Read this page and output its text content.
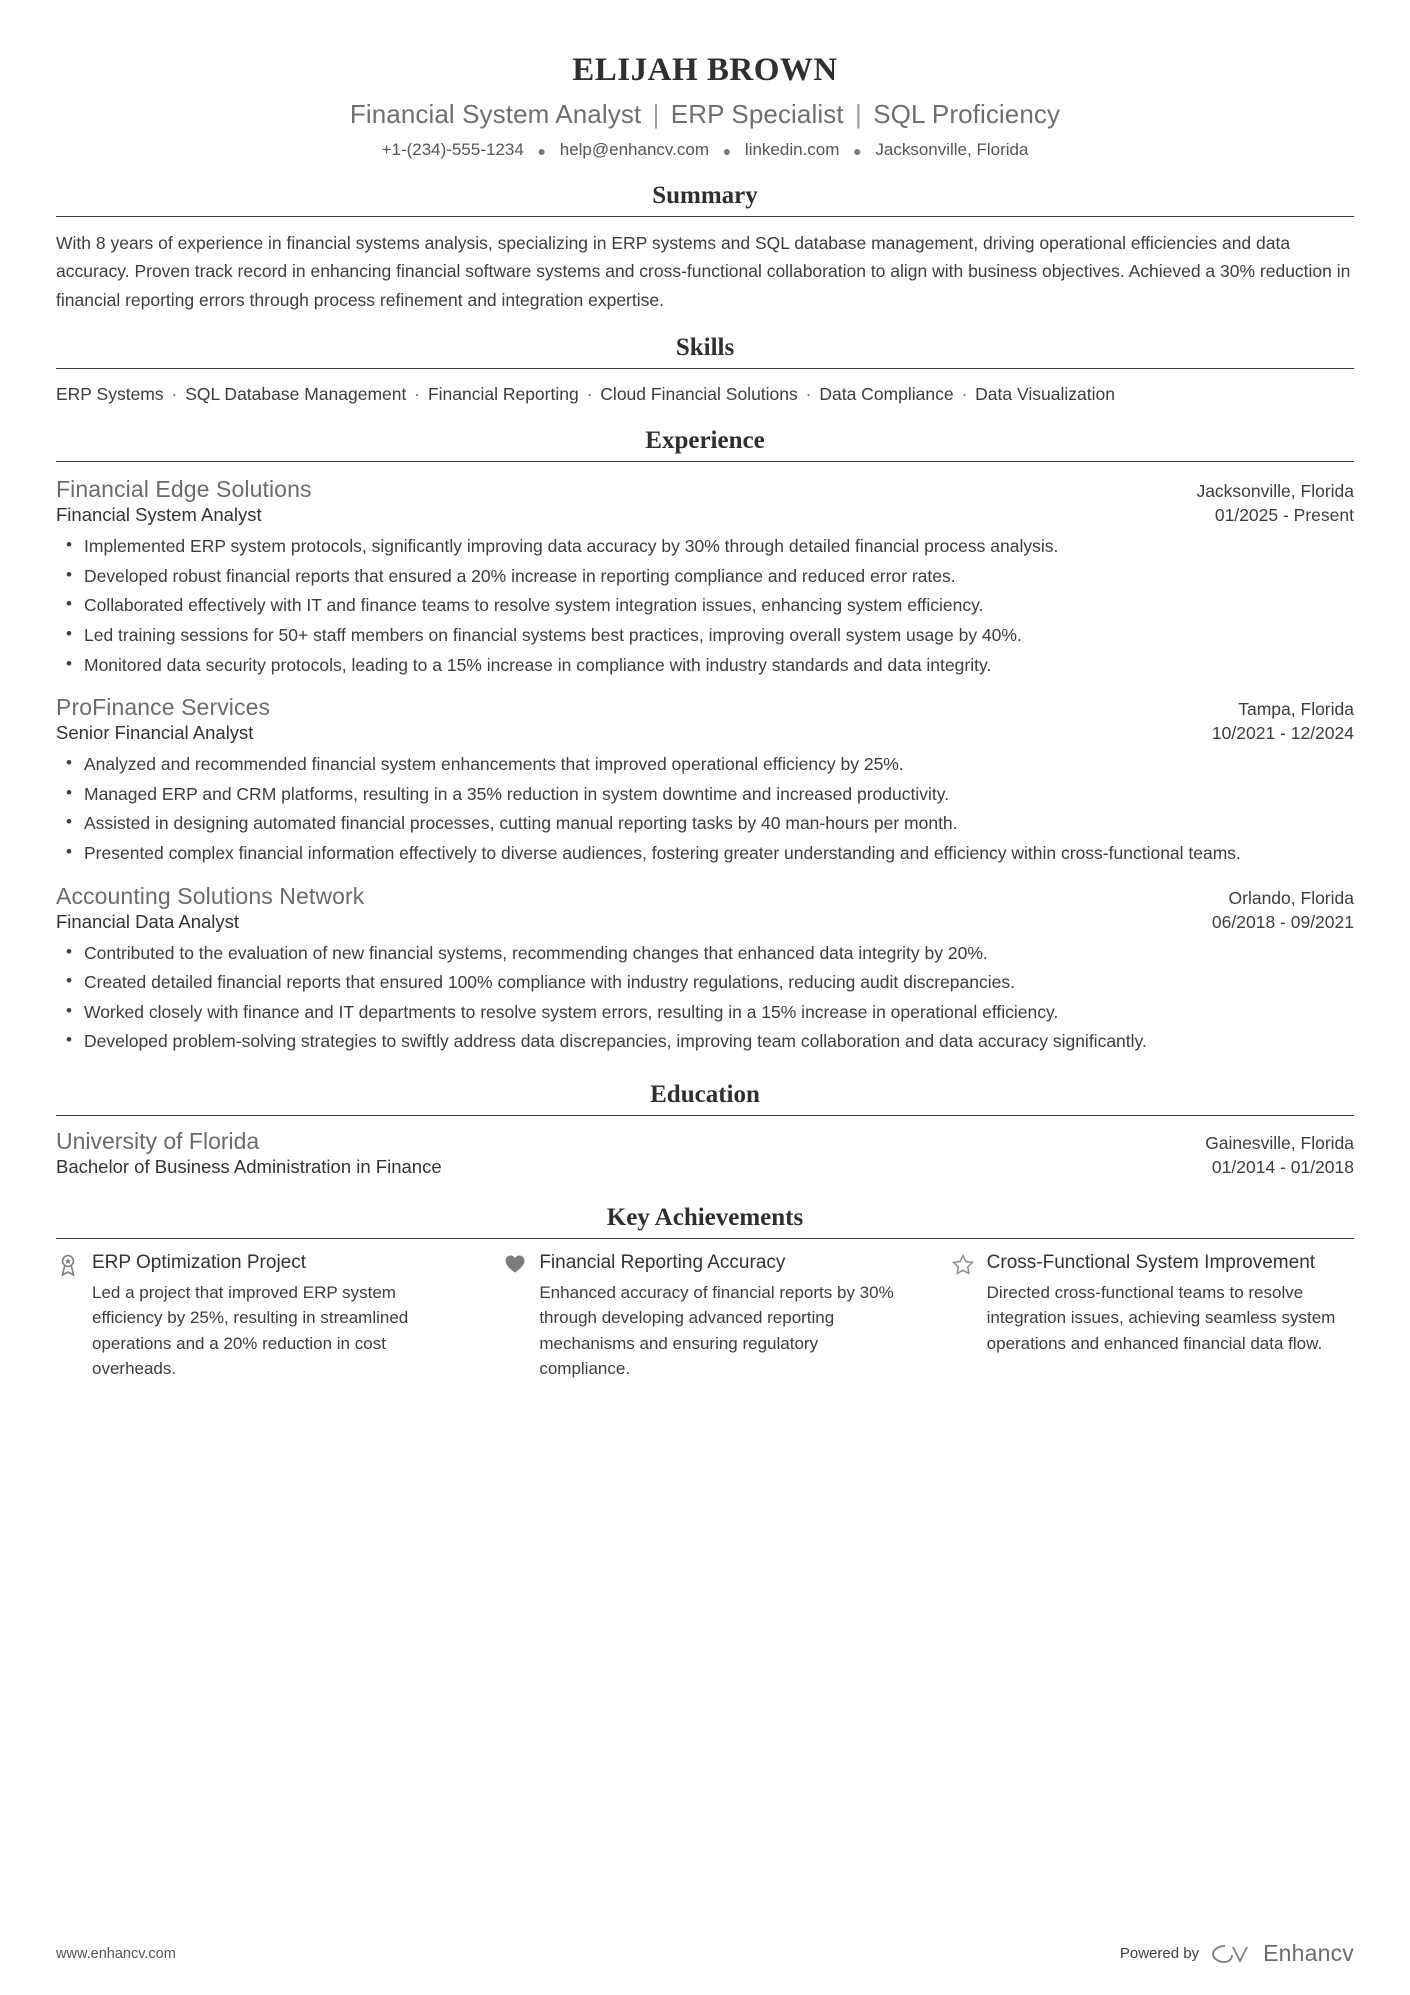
ELIJAH BROWN
Financial System Analyst | ERP Specialist | SQL Proficiency
+1-(234)-555-1234 ● help@enhancv.com ● linkedin.com ● Jacksonville, Florida
Summary
With 8 years of experience in financial systems analysis, specializing in ERP systems and SQL database management, driving operational efficiencies and data accuracy. Proven track record in enhancing financial software systems and cross-functional collaboration to align with business objectives. Achieved a 30% reduction in financial reporting errors through process refinement and integration expertise.
Skills
ERP Systems · SQL Database Management · Financial Reporting · Cloud Financial Solutions · Data Compliance · Data Visualization
Experience
Financial Edge Solutions	Jacksonville, Florida
Financial System Analyst	01/2025 - Present
• Implemented ERP system protocols, significantly improving data accuracy by 30% through detailed financial process analysis.
• Developed robust financial reports that ensured a 20% increase in reporting compliance and reduced error rates.
• Collaborated effectively with IT and finance teams to resolve system integration issues, enhancing system efficiency.
• Led training sessions for 50+ staff members on financial systems best practices, improving overall system usage by 40%.
• Monitored data security protocols, leading to a 15% increase in compliance with industry standards and data integrity.
ProFinance Services	Tampa, Florida
Senior Financial Analyst	10/2021 - 12/2024
• Analyzed and recommended financial system enhancements that improved operational efficiency by 25%.
• Managed ERP and CRM platforms, resulting in a 35% reduction in system downtime and increased productivity.
• Assisted in designing automated financial processes, cutting manual reporting tasks by 40 man-hours per month.
• Presented complex financial information effectively to diverse audiences, fostering greater understanding and efficiency within cross-functional teams.
Accounting Solutions Network	Orlando, Florida
Financial Data Analyst	06/2018 - 09/2021
• Contributed to the evaluation of new financial systems, recommending changes that enhanced data integrity by 20%.
• Created detailed financial reports that ensured 100% compliance with industry regulations, reducing audit discrepancies.
• Worked closely with finance and IT departments to resolve system errors, resulting in a 15% increase in operational efficiency.
• Developed problem-solving strategies to swiftly address data discrepancies, improving team collaboration and data accuracy significantly.
Education
University of Florida	Gainesville, Florida
Bachelor of Business Administration in Finance	01/2014 - 01/2018
Key Achievements
ERP Optimization Project
Led a project that improved ERP system efficiency by 25%, resulting in streamlined operations and a 20% reduction in cost overheads.
Financial Reporting Accuracy
Enhanced accuracy of financial reports by 30% through developing advanced reporting mechanisms and ensuring regulatory compliance.
Cross-Functional System Improvement
Directed cross-functional teams to resolve integration issues, achieving seamless system operations and enhanced financial data flow.
www.enhancv.com	Powered by	Enhancv
